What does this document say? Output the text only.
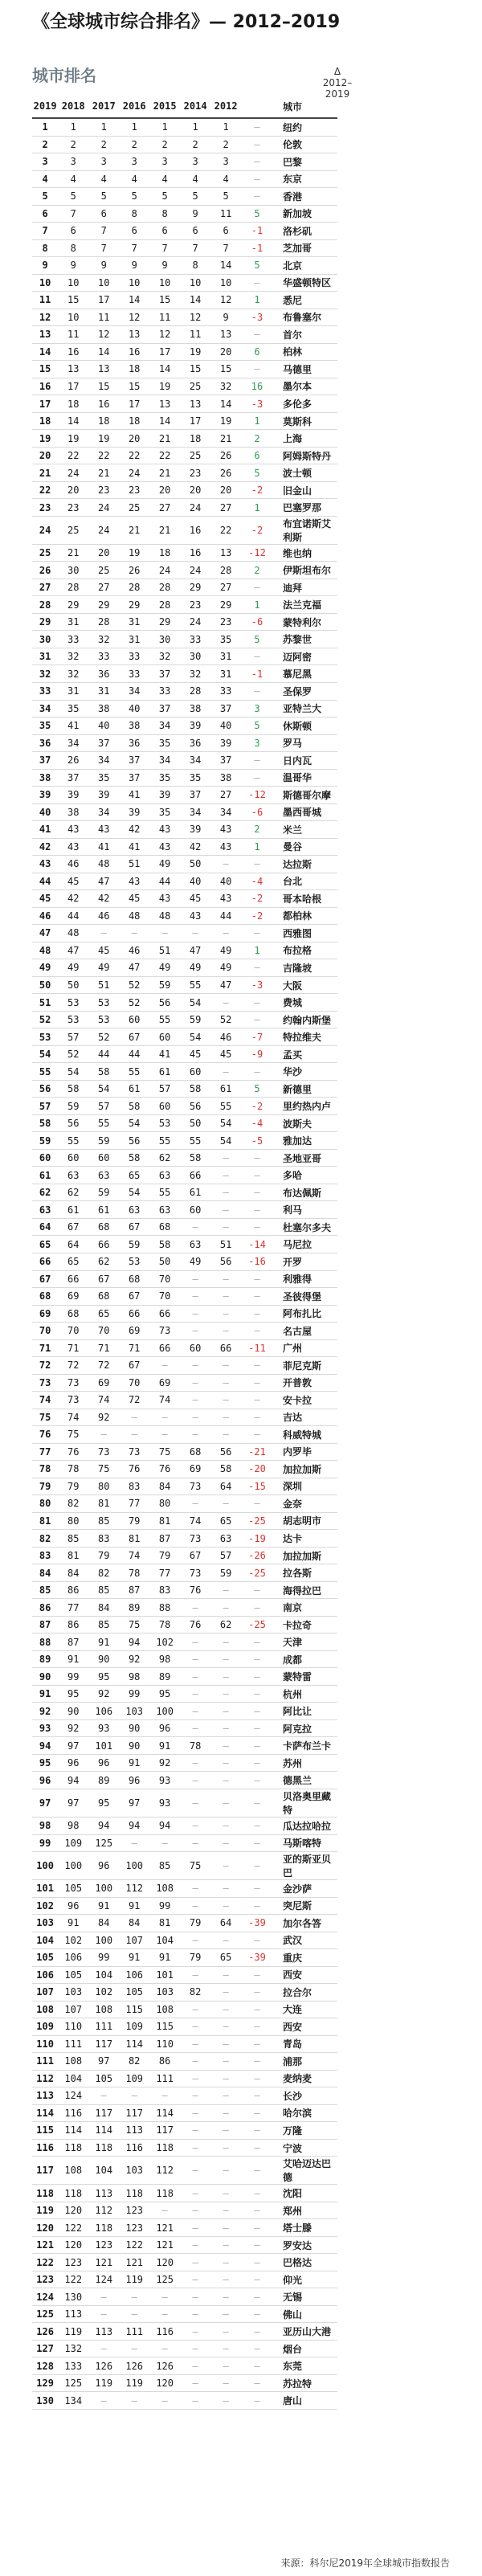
《全球城市综合排名》— 2012–2019
城市排名	Δ
2012–2019
2019	2018	2017	2016	2015	2014	2012		城市
1	1	1	1	1	1	1	—	纽约
2	2	2	2	2	2	2	—	伦敦
3	3	3	3	3	3	3	—	巴黎
4	4	4	4	4	4	4	—	东京
5	5	5	5	5	5	5	—	香港
6	7	6	8	8	9	11	5	新加坡
7	6	7	6	6	6	6	-1	洛杉矶
8	8	7	7	7	7	7	-1	芝加哥
9	9	9	9	9	8	14	5	北京
10	10	10	10	10	10	10	—	华盛顿特区
11	15	17	14	15	14	12	1	悉尼
12	10	11	12	11	12	9	-3	布鲁塞尔
13	11	12	13	12	11	13	—	首尔
14	16	14	16	17	19	20	6	柏林
15	13	13	18	14	15	15	—	马德里
16	17	15	15	19	25	32	16	墨尔本
17	18	16	17	13	13	14	-3	多伦多
18	14	18	18	14	17	19	1	莫斯科
19	19	19	20	21	18	21	2	上海
20	22	22	22	22	25	26	6	阿姆斯特丹
21	24	21	24	21	23	26	5	波士顿
22	20	23	23	20	20	20	-2	旧金山
23	23	24	25	27	24	27	1	巴塞罗那
24	25	24	21	21	16	22	-2	布宜诺斯艾利斯
25	21	20	19	18	16	13	-12	维也纳
26	30	25	26	24	24	28	2	伊斯坦布尔
27	28	27	28	28	29	27	—	迪拜
28	29	29	29	28	23	29	1	法兰克福
29	31	28	31	29	24	23	-6	蒙特利尔
30	33	32	31	30	33	35	5	苏黎世
31	32	33	33	32	30	31	—	迈阿密
32	32	36	33	37	32	31	-1	慕尼黑
33	31	31	34	33	28	33	—	圣保罗
34	35	38	40	37	38	37	3	亚特兰大
35	41	40	38	34	39	40	5	休斯顿
36	34	37	36	35	36	39	3	罗马
37	26	34	37	34	34	37	—	日内瓦
38	37	35	37	35	35	38	—	温哥华
39	39	39	41	39	37	27	-12	斯德哥尔摩
40	38	34	39	35	34	34	-6	墨西哥城
41	43	43	42	43	39	43	2	米兰
42	43	41	41	43	42	43	1	曼谷
43	46	48	51	49	50	—	—	达拉斯
44	45	47	43	44	40	40	-4	台北
45	42	42	45	43	45	43	-2	哥本哈根
46	44	46	48	48	43	44	-2	都柏林
47	48	—	—	—	—	—	—	西雅图
48	47	45	46	51	47	49	1	布拉格
49	49	49	47	49	49	49	—	吉隆坡
50	50	51	52	59	55	47	-3	大阪
51	53	53	52	56	54	—	—	费城
52	53	53	60	55	59	52	—	约翰内斯堡
53	57	52	67	60	54	46	-7	特拉维夫
54	52	44	44	41	45	45	-9	孟买
55	54	58	55	61	60	—	—	华沙
56	58	54	61	57	58	61	5	新德里
57	59	57	58	60	56	55	-2	里约热内卢
58	56	55	54	53	50	54	-4	波斯夫
59	55	59	56	55	55	54	-5	雅加达
60	60	60	58	62	58	—	—	圣地亚哥
61	63	63	65	63	66	—	—	多哈
62	62	59	54	55	61	—	—	布达佩斯
63	61	61	63	63	60	—	—	利马
64	67	68	67	68	—	—	—	杜塞尔多夫
65	64	66	59	58	63	51	-14	马尼拉
66	65	62	53	50	49	56	-16	开罗
67	66	67	68	70	—	—	—	利雅得
68	69	68	67	70	—	—	—	圣彼得堡
69	68	65	66	66	—	—	—	阿布扎比
70	70	70	69	73	—	—	—	名古屋
71	71	71	71	66	60	66	-11	广州
72	72	72	67	—	—	—	—	菲尼克斯
73	73	69	70	69	—	—	—	开普敦
74	73	74	72	74	—	—	—	安卡拉
75	74	92	—	—	—	—	—	吉达
76	75	—	—	—	—	—	—	科威特城
77	76	73	73	75	68	56	-21	内罗毕
78	78	75	76	76	69	58	-20	加拉加斯
79	79	80	83	84	73	64	-15	深圳
80	82	81	77	80	—	—	—	金奈
81	80	85	79	81	74	65	-25	胡志明市
82	85	83	81	87	73	63	-19	达卡
83	81	79	74	79	67	57	-26	加拉加斯
84	84	82	78	77	73	59	-25	拉各斯
85	86	85	87	83	76	—	—	海得拉巴
86	77	84	89	88	—	—	—	南京
87	86	85	75	78	76	62	-25	卡拉奇
88	87	91	94	102	—	—	—	天津
89	91	90	92	98	—	—	—	成都
90	99	95	98	89	—	—	—	蒙特雷
91	95	92	99	95	—	—	—	杭州
92	90	106	103	100	—	—	—	阿比让
93	92	93	90	96	—	—	—	阿克拉
94	97	101	90	91	78	—	—	卡萨布兰卡
95	96	96	91	92	—	—	—	苏州
96	94	89	96	93	—	—	—	德黑兰
97	97	95	97	93	—	—	—	贝洛奥里藏特
98	98	94	94	94	—	—	—	瓜达拉哈拉
99	109	125	—	—	—	—	—	马斯喀特
100	100	96	100	85	75	—	—	亚的斯亚贝巴
101	105	100	112	108	—	—	—	金沙萨
102	96	91	91	99	—	—	—	突尼斯
103	91	84	84	81	79	64	-39	加尔各答
104	102	100	107	104	—	—	—	武汉
105	106	99	91	91	79	65	-39	重庆
106	105	104	106	101	—	—	—	西安
107	103	102	105	103	82	—	—	拉合尔
108	107	108	115	108	—	—	—	大连
109	110	111	109	115	—	—	—	西安
110	111	117	114	110	—	—	—	青岛
111	108	97	82	86	—	—	—	浦那
112	104	105	109	111	—	—	—	麦纳麦
113	124	—	—	—	—	—	—	长沙
114	116	117	117	114	—	—	—	哈尔滨
115	114	114	113	117	—	—	—	万隆
116	118	118	116	118	—	—	—	宁波
117	108	104	103	112	—	—	—	艾哈迈达巴德
118	118	113	118	118	—	—	—	沈阳
119	120	112	123	—	—	—	—	郑州
120	122	118	123	121	—	—	—	塔士滕
121	120	123	122	121	—	—	—	罗安达
122	123	121	121	120	—	—	—	巴格达
123	122	124	119	125	—	—	—	仰光
124	130	—	—	—	—	—	—	无锡
125	113	—	—	—	—	—	—	佛山
126	119	113	111	116	—	—	—	亚历山大港
127	132	—	—	—	—	—	—	烟台
128	133	126	126	126	—	—	—	东莞
129	125	119	119	120	—	—	—	苏拉特
130	134	—	—	—	—	—	—	唐山
来源：科尔尼2019年全球城市指数报告
